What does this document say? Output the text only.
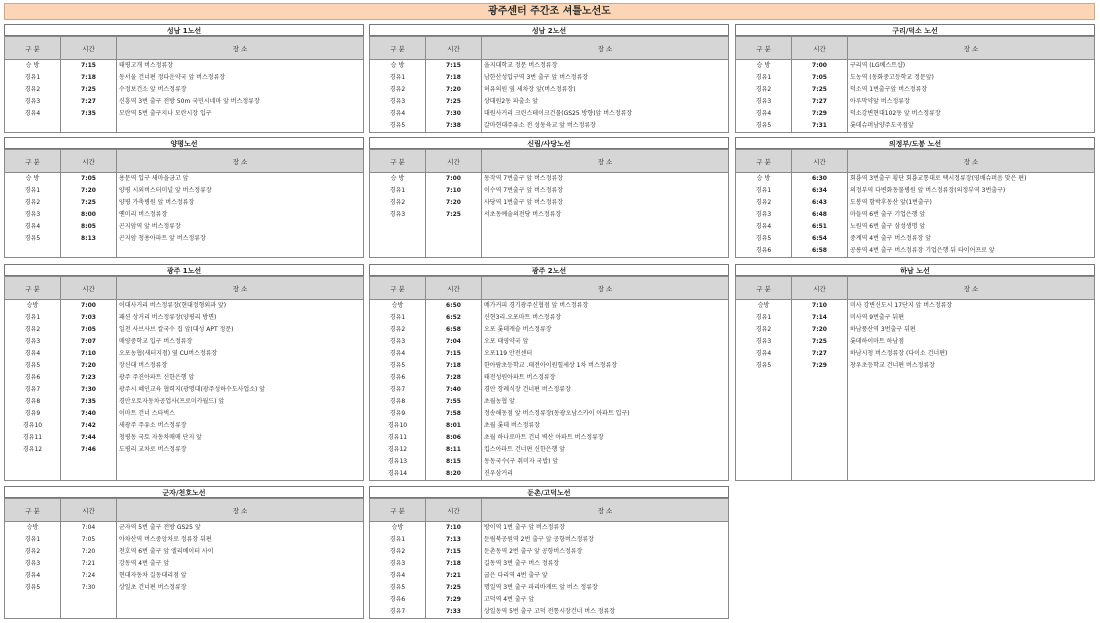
광주센터 주간조 셔틀노선도
성남 1노선
구 분	시간	장 소
승 방	7:15	태평고개 버스정류장
경유1	7:18	동서울 건너편 정다운약국 앞 버스정류장
경유2	7:25	수정보건소 앞 버스정류장
경유3	7:27	신흥역 3번 출구 전방 50m 국민시네마 앞 버스정류장
경유4	7:35	모란역 5번 출구지나 모란시장 입구

성남 2노선
구 분	시간	장 소
승 방	7:15	을지대학교 정문 버스정류장
경유1	7:18	남한산성입구역 3번 출구 앞 버스정류장
경유2	7:20	허유의원 옆 세차장 앞(버스정류장)
경유3	7:25	상대원2동 파출소 앞
경유4	7:30	대원사거리 크린스테이크건물(GS25 방향)앞 버스정류장
경유5	7:38	갈마현대주유소 전 성동육교 앞 버스정류장
구리/덕소 노선
구 분	시간	장 소
승 방	7:00	구리역 (LG베스트샵)
경유1	7:05	도농역 (동화중고등학교 정문앞)
경유2	7:25	덕소역 1번출구앞 버스정류장
경유3	7:27	아루막약앞 버스정류장
경유4	7:29	덕소강변현대102동 앞 버스정류장
경유5	7:31	롯데슈퍼남양주도곡점앞
양평노선
구 분	시간	장 소
승 방	7:05	용문역 입구 새마을금고 앞
경유1	7:20	양평 시외버스터미널 앞 버스정류장
경유2	7:25	양평 가축병원 앞 버스정류장
경유3	8:00	옌미리 버스정류장
경유4	8:05	곤지암역 앞 버스정류장
경유5	8:13	곤지암 청용아파트 앞 버스정류장

신림/사당노선
구 분	시간	장 소
승 방	7:00	동작역 7번출구 앞 버스정류장
경유1	7:10	이수역 7번출구 앞 버스정류장
경유2	7:20	사당역 1번출구 앞 버스정류장
경유3	7:25	서초동예술의전당 버스정류장

의정부/도봉 노선
구 분	시간	장 소
승 방	6:30	회룡역 3번출구 횡단 회룡교통대로 택시정류장(영배슈퍼음 맞은 편)
경유1	6:34	의정부역 다변화동물병원 앞 버스정류장(의정부역 3번출구)
경유2	6:43	도봉역 함박후동산 앞(1번출구)
경유3	6:48	마들역 6번 출구 기업은행 앞
경유4	6:51	노원역 6번 출구 삼성생명 앞
경유5	6:54	중계역 4번 출구 버스정류장 앞
경유6	6:58	공릉역 4번 출구 버스정류장 기업은행 뒤 타이어프로 앞
광주 1노선
구 분	시간	장 소
승방	7:00	이대사거리 버스정류장(현대정형외과 앞)
경유1	7:03	패션 상거리 버스정류장(양평리 방면)
경유2	7:05	일천 사브사브 칼국수 집 앞(대성 APT 정문)
경유3	7:07	매양중학교 입구 버스정류장
경유4	7:10	오포농협(새터지점) 옆 CU버스정류장
경유5	7:20	장신대 버스정류장
경유6	7:23	광주 주진아파트 신한은행 앞
경유7	7:30	광주시 혜인교육 협력지(광명대(광주성하수도사업소) 앞
경유8	7:35	경안오토자동차공업사(프로미카월드) 앞
경유9	7:40	이마트 건너 스타벅스
경유10	7:42	새광주 주유소 버스정류장
경유11	7:44	청평동 국토 자동차매매 단지 앞
경유12	7:46	도평리 교차로 버스정류장

광주 2노선
구 분	시간	장 소
승방	6:50	메가커피 경기광주신협점 앞 버스정류장
경유1	6:52	신현3리.오포마트 버스정류장
경유2	6:58	오포 롯데캐슬 버스정류장
경유3	7:04	오포 태영약국 앞
경유4	7:15	오포119 안전센터
경유5	7:18	한아람초등학교 .태전아이원힐세상 1차 버스정류장
경유6	7:28	태전성원아파트 버스정류장
경유7	7:40	경안 장례식장 건너편 버스정류장
경유8	7:55	초월농협 앞
경유9	7:58	정송해동점 앞 버스정류장(동광오남스카이 아파트 입구)
경유10	8:01	초월 롯데 버스정류장
경유11	8:06	초월 하나로마트 건너 벽산 아파트 버스정류장
경유12	8:11	킵스아파트 건너편 신한은행 앞
경유13	8:15	동동국수(구 취미자 국밥) 앞
경유14	8:20	진우삼거리
하남 노선
구 분	시간	장 소
승방	7:10	미사 강변신도시 17단지 앞 버스정류장
경유1	7:14	미사역 9번출구 뒤편
경유2	7:20	하남풍산역 3번출구 뒤편
경유3	7:25	롯데하이마트 하남점
경유4	7:27	하남시청 버스정류장 (다이소 건너편)
경유5	7:29	창우초등학교 건너편 버스정류장

군자/천호노선
구 분	시간	장 소
승방	7:04	군자역 5번 출구 전방 GS25 앞
경유1	7:05	아차산역 버스중앙차로 정류장 뒤편
경유2	7:20	천호역 6번 출구 앞 엘리베이터 사이
경유3	7:21	강동역 4번 출구 앞
경유4	7:24	현대자동차 길동대리점 앞
경유5	7:30	상일초 건너편 버스정류장

둔촌/고덕노선
구 분	시간	장 소
승방	7:10	방이역 1번 출구 앞 버스정류장
경유1	7:13	둔림북공원역 2번 출구 앞 공항버스정류장
경유2	7:15	둔촌동역 2번 출구 앞 공항버스정류장
경유3	7:18	길동역 3번 출구 버스 정류장
경유4	7:21	굽은 다리역 4번 출구 앞
경유5	7:25	명일역 3번 출구 파리바게뜨 앞 버스 정류장
경유6	7:29	고덕역 4번 출구 앞
경유7	7:33	상일동역 5번 출구 고덕 전통시장건너 버스 정류장
